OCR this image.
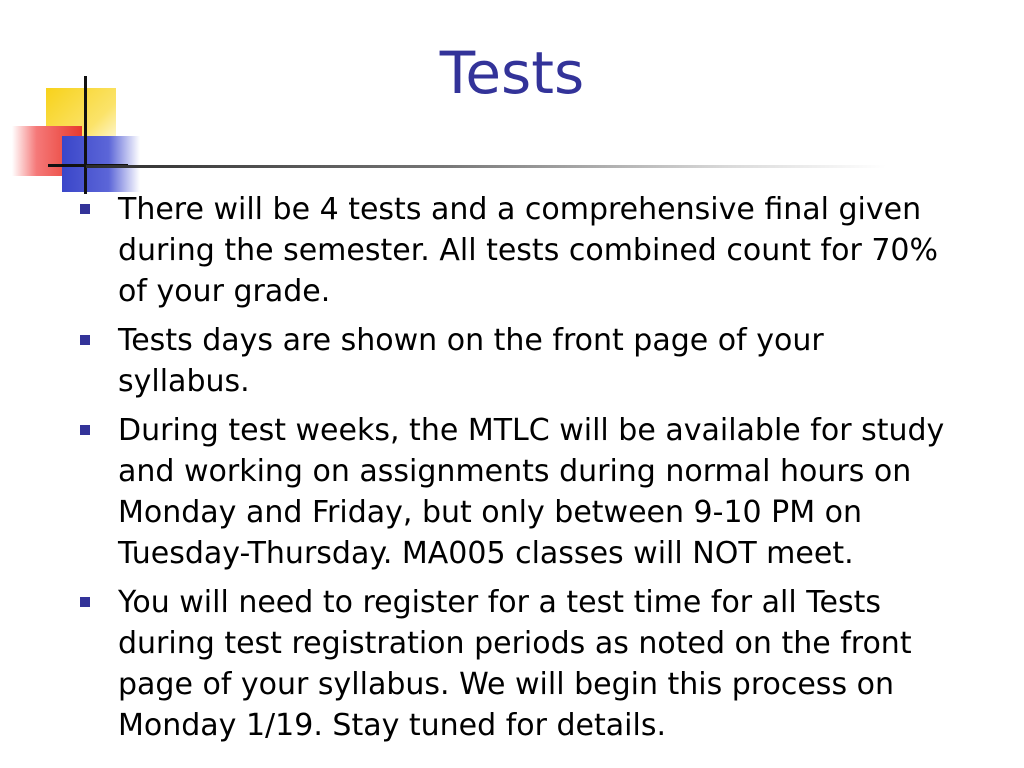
Tests
There will be 4 tests and a comprehensive final given
during the semester. All tests combined count for 70%
of your grade.
Tests days are shown on the front page of your
syllabus.
During test weeks, the MTLC will be available for study
and working on assignments during normal hours on
Monday and Friday, but only between 9-10 PM on
Tuesday-Thursday. MA005 classes will NOT meet.
You will need to register for a test time for all Tests
during test registration periods as noted on the front
page of your syllabus. We will begin this process on
Monday 1/19. Stay tuned for details.
